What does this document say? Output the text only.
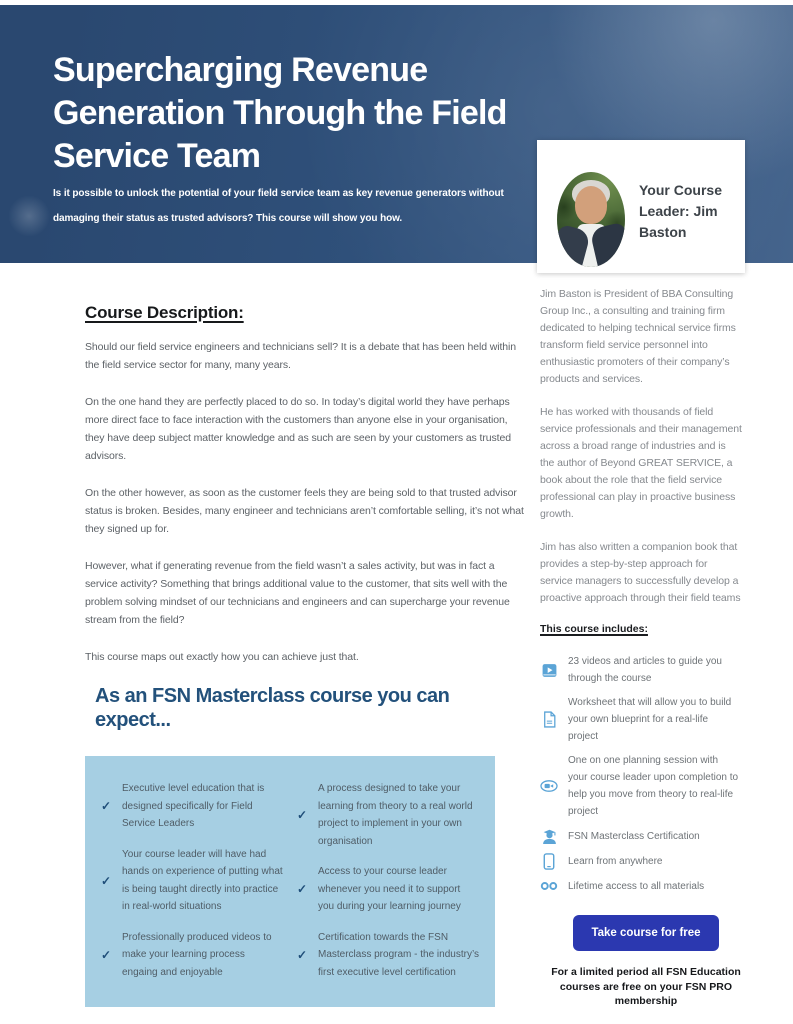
Supercharging Revenue Generation Through the Field Service Team

Is it possible to unlock the potential of your field service team as key revenue generators without damaging their status as trusted advisors? This course will show you how.

Your Course Leader: Jim Baston
Course Description:

Should our field service engineers and technicians sell? It is a debate that has been held within the field service sector for many, many years.

On the one hand they are perfectly placed to do so. In today’s digital world they have perhaps more direct face to face interaction with the customers than anyone else in your organisation, they have deep subject matter knowledge and as such are seen by your customers as trusted advisors.

On the other however, as soon as the customer feels they are being sold to that trusted advisor status is broken. Besides, many engineer and technicians aren’t comfortable selling, it’s not what they signed up for.

However, what if generating revenue from the field wasn’t a sales activity, but was in fact a service activity? Something that brings additional value to the customer, that sits well with the problem solving mindset of our technicians and engineers and can supercharge your revenue stream from the field?

This course maps out exactly how you can achieve just that.

As an FSN Masterclass course you can expect...
✓
Executive level education that is designed specifically for Field Service Leaders
✓
Your course leader will have had hands on experience of putting what is being taught directly into practice in real-world situations
✓
Professionally produced videos to make your learning process engaing and enjoyable
✓
A process designed to take your learning from theory to a real world project to implement in your own organisation
✓
Access to your course leader whenever you need it to support you during your learning journey
✓
Certification towards the FSN Masterclass program - the industry’s first executive level certification

Jim Baston is President of BBA Consulting Group Inc., a consulting and training firm dedicated to helping technical service firms transform field service personnel into enthusiastic promoters of their company’s products and services.

He has worked with thousands of field service professionals and their management across a broad range of industries and is the author of Beyond GREAT SERVICE, a book about the role that the field service professional can play in proactive business growth.

Jim has also written a companion book that provides a step-by-step approach for service managers to successfully develop a proactive approach through their field teams

This course includes:
23 videos and articles to guide you through the course
Worksheet that will allow you to build your own blueprint for a real-life project
One on one planning session with your course leader upon completion to help you move from theory to real-life project
FSN Masterclass Certification
Learn from anywhere
Lifetime access to all materials
Take course for free

For a limited period all FSN Education courses are free on your FSN PRO membership
